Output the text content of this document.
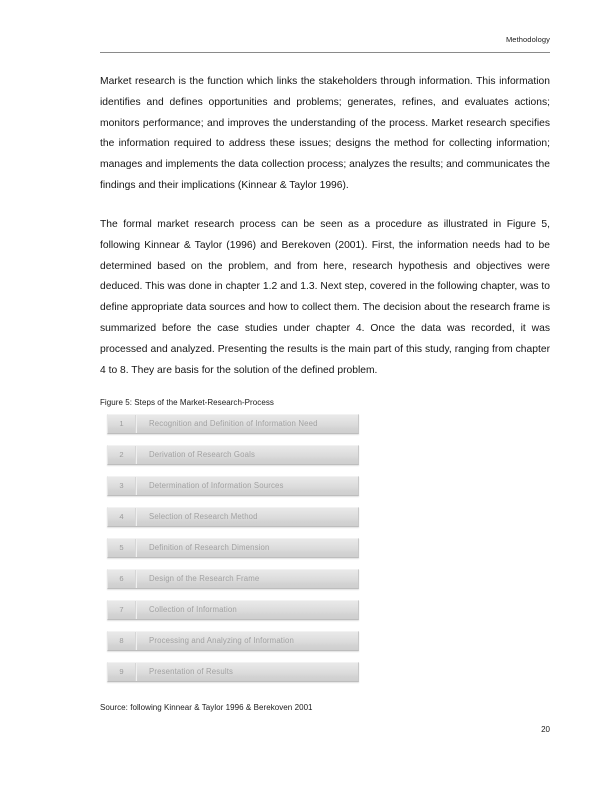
Methodology

Market research is the function which links the stakeholders through information. This information identifies and defines opportunities and problems; generates, refines, and evaluates actions; monitors performance; and improves the understanding of the process. Market research specifies the information required to address these issues; designs the method for collecting information; manages and implements the data collection process; analyzes the results; and communicates the findings and their implications (Kinnear & Taylor 1996).

The formal market research process can be seen as a procedure as illustrated in Figure 5, following Kinnear & Taylor (1996) and Berekoven (2001). First, the information needs had to be determined based on the problem, and from here, research hypothesis and objectives were deduced. This was done in chapter 1.2 and 1.3. Next step, covered in the following chapter, was to define appropriate data sources and how to collect them. The decision about the research frame is summarized before the case studies under chapter 4. Once the data was recorded, it was processed and analyzed. Presenting the results is the main part of this study, ranging from chapter 4 to 8. They are basis for the solution of the defined problem.

Figure 5: Steps of the Market-Research-Process
1	Recognition and Definition of Information Need
2	Derivation of Research Goals
3	Determination of Information Sources
4	Selection of Research Method
5	Definition of Research Dimension
6	Design of the Research Frame
7	Collection of Information
8	Processing and Analyzing of Information
9	Presentation of Results
Source: following Kinnear & Taylor 1996 & Berekoven 2001
20
